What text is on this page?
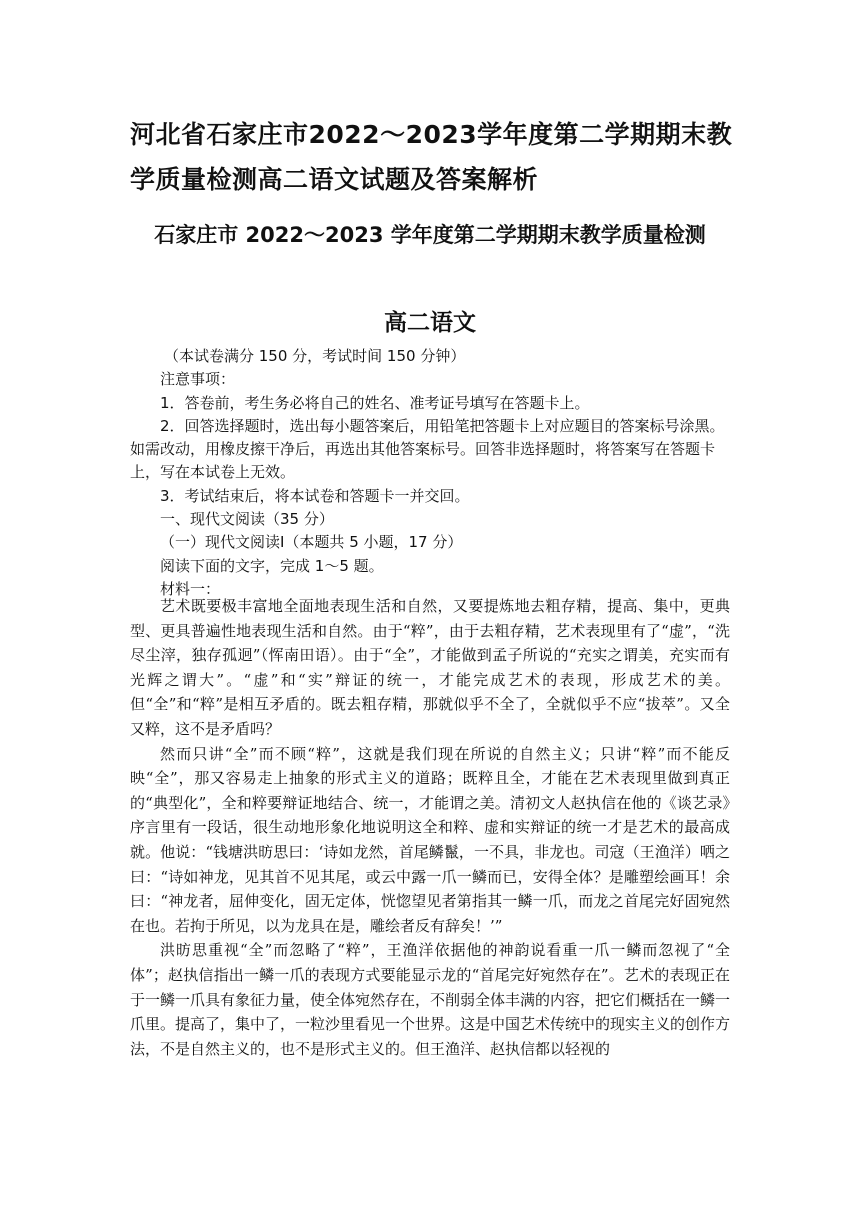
河北省石家庄市2022～2023学年度第二学期期末教学质量检测高二语文试题及答案解析
石家庄市 2022～2023 学年度第二学期期末教学质量检测
高二语文

（本试卷满分 150 分，考试时间 150 分钟）

注意事项：

1．答卷前，考生务必将自己的姓名、准考证号填写在答题卡上。

2．回答选择题时，选出每小题答案后，用铅笔把答题卡上对应题目的答案标号涂黑。如需改动，用橡皮擦干净后，再选出其他答案标号。回答非选择题时，将答案写在答题卡上，写在本试卷上无效。

3．考试结束后，将本试卷和答题卡一并交回。

一、现代文阅读（35 分）

（一）现代文阅读Ⅰ（本题共 5 小题，17 分）

阅读下面的文字，完成 1～5 题。

材料一：

艺术既要极丰富地全面地表现生活和自然，又要提炼地去粗存精，提高、集中，更典型、更具普遍性地表现生活和自然。由于“粹”，由于去粗存精，艺术表现里有了“虚”，“洗尽尘滓，独存孤迥”（恽南田语）。由于“全”，才能做到孟子所说的“充实之谓美，充实而有光辉之谓大”。“虚”和“实”辩证的统一，才能完成艺术的表现，形成艺术的美。但“全”和“粹”是相互矛盾的。既去粗存精，那就似乎不全了，全就似乎不应“拔萃”。又全又粹，这不是矛盾吗？

然而只讲“全”而不顾“粹”，这就是我们现在所说的自然主义；只讲“粹”而不能反映“全”，那又容易走上抽象的形式主义的道路；既粹且全，才能在艺术表现里做到真正的“典型化”，全和粹要辩证地结合、统一，才能谓之美。清初文人赵执信在他的《谈艺录》序言里有一段话，很生动地形象化地说明这全和粹、虚和实辩证的统一才是艺术的最高成就。他说：“钱塘洪昉思曰：‘诗如龙然，首尾鳞鬣，一不具，非龙也。司寇（王渔洋）哂之曰：“诗如神龙，见其首不见其尾，或云中露一爪一鳞而已，安得全体？是雕塑绘画耳！余曰：“神龙者，屈伸变化，固无定体，恍惚望见者第指其一鳞一爪，而龙之首尾完好固宛然在也。若拘于所见，以为龙具在是，雕绘者反有辞矣！’”

洪昉思重视“全”而忽略了“粹”，王渔洋依据他的神韵说看重一爪一鳞而忽视了“全体”；赵执信指出一鳞一爪的表现方式要能显示龙的“首尾完好宛然存在”。艺术的表现正在于一鳞一爪具有象征力量，使全体宛然存在，不削弱全体丰满的内容，把它们概括在一鳞一爪里。提高了，集中了，一粒沙里看见一个世界。这是中国艺术传统中的现实主义的创作方法，不是自然主义的，也不是形式主义的。但王渔洋、赵执信都以轻视的
